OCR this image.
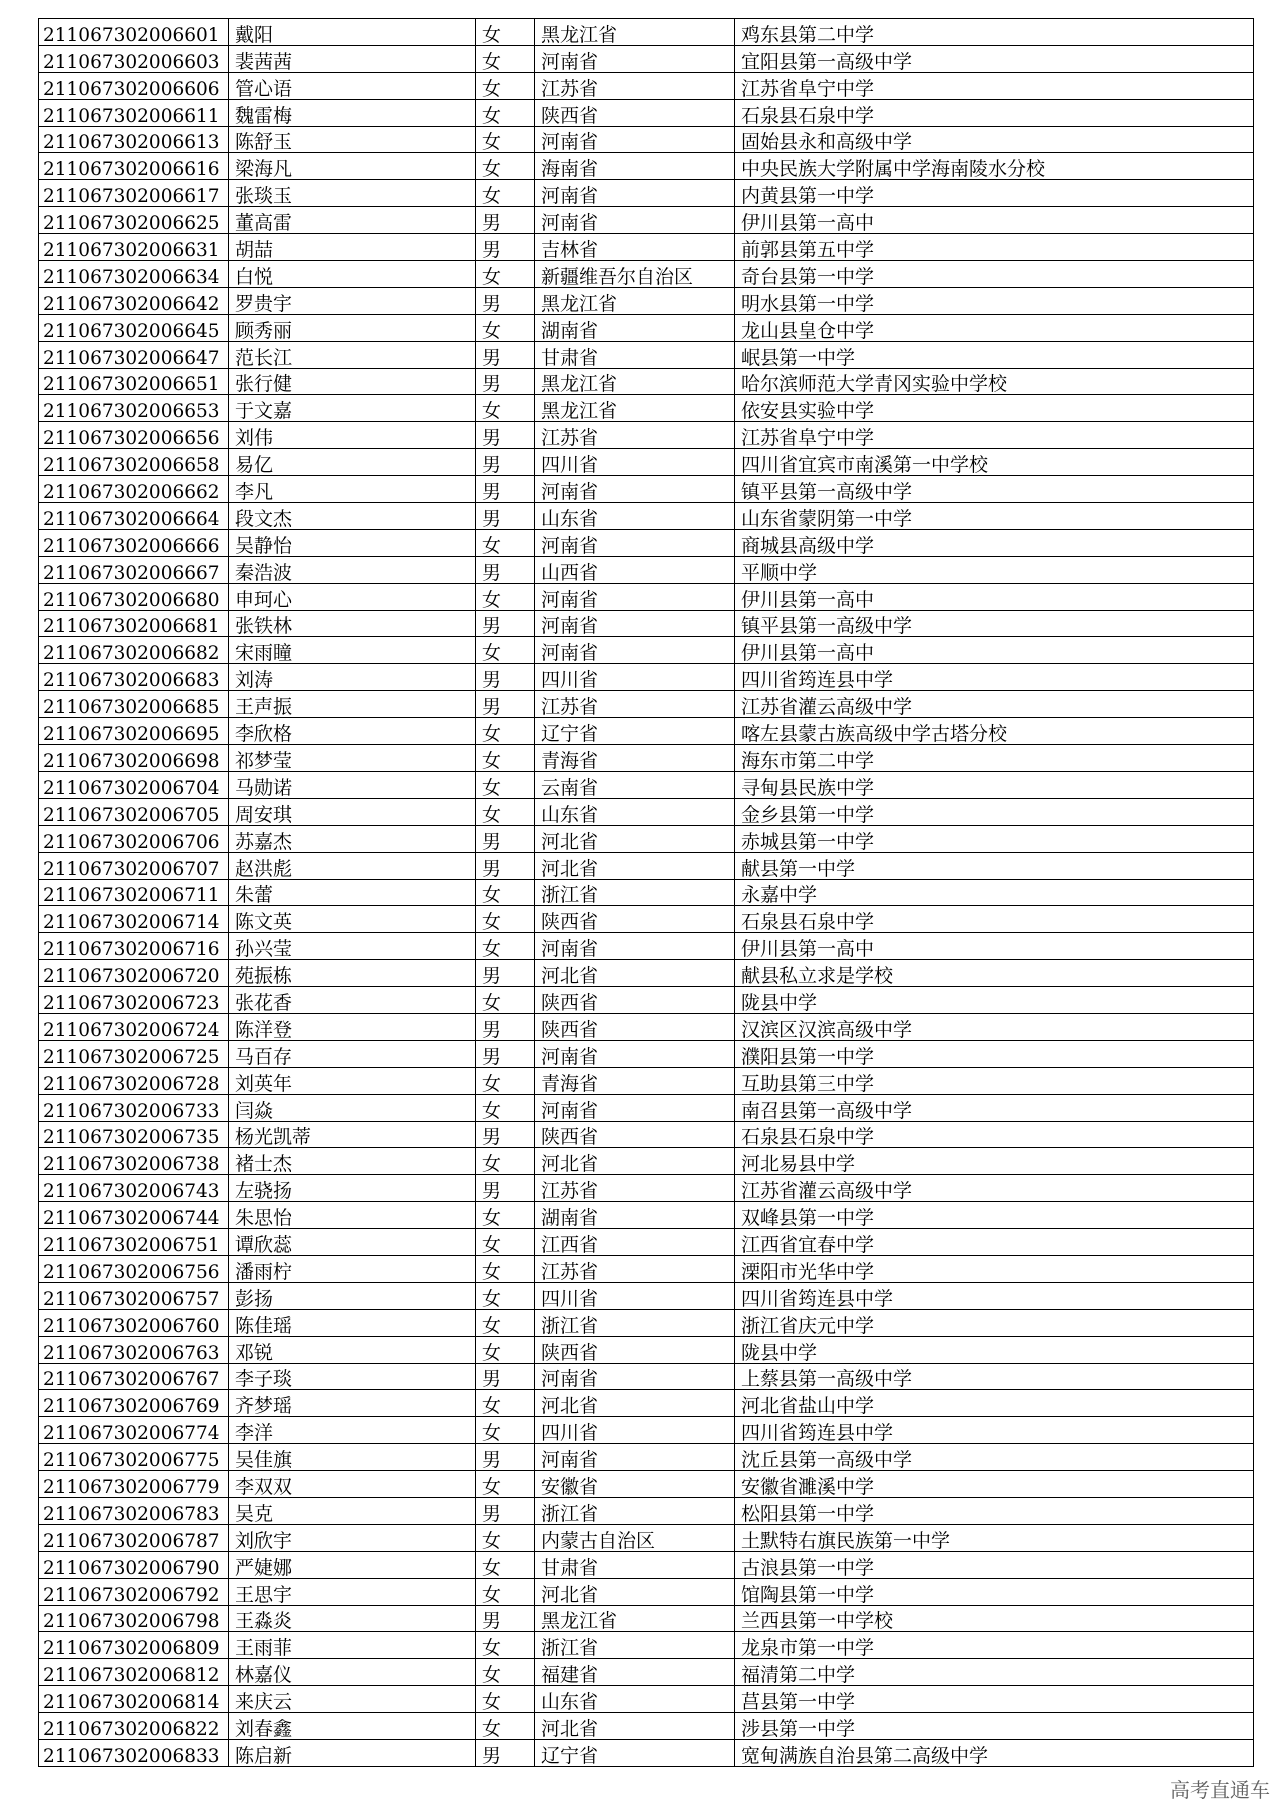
211067302006601	戴阳	女	黑龙江省	鸡东县第二中学
211067302006603	裴茜茜	女	河南省	宜阳县第一高级中学
211067302006606	管心语	女	江苏省	江苏省阜宁中学
211067302006611	魏雷梅	女	陕西省	石泉县石泉中学
211067302006613	陈舒玉	女	河南省	固始县永和高级中学
211067302006616	梁海凡	女	海南省	中央民族大学附属中学海南陵水分校
211067302006617	张琰玉	女	河南省	内黄县第一中学
211067302006625	董高雷	男	河南省	伊川县第一高中
211067302006631	胡喆	男	吉林省	前郭县第五中学
211067302006634	白悦	女	新疆维吾尔自治区	奇台县第一中学
211067302006642	罗贵宇	男	黑龙江省	明水县第一中学
211067302006645	顾秀丽	女	湖南省	龙山县皇仓中学
211067302006647	范长江	男	甘肃省	岷县第一中学
211067302006651	张行健	男	黑龙江省	哈尔滨师范大学青冈实验中学校
211067302006653	于文嘉	女	黑龙江省	依安县实验中学
211067302006656	刘伟	男	江苏省	江苏省阜宁中学
211067302006658	易亿	男	四川省	四川省宜宾市南溪第一中学校
211067302006662	李凡	男	河南省	镇平县第一高级中学
211067302006664	段文杰	男	山东省	山东省蒙阴第一中学
211067302006666	吴静怡	女	河南省	商城县高级中学
211067302006667	秦浩波	男	山西省	平顺中学
211067302006680	申珂心	女	河南省	伊川县第一高中
211067302006681	张铁林	男	河南省	镇平县第一高级中学
211067302006682	宋雨瞳	女	河南省	伊川县第一高中
211067302006683	刘涛	男	四川省	四川省筠连县中学
211067302006685	王声振	男	江苏省	江苏省灌云高级中学
211067302006695	李欣格	女	辽宁省	喀左县蒙古族高级中学古塔分校
211067302006698	祁梦莹	女	青海省	海东市第二中学
211067302006704	马勋诺	女	云南省	寻甸县民族中学
211067302006705	周安琪	女	山东省	金乡县第一中学
211067302006706	苏嘉杰	男	河北省	赤城县第一中学
211067302006707	赵洪彪	男	河北省	献县第一中学
211067302006711	朱蕾	女	浙江省	永嘉中学
211067302006714	陈文英	女	陕西省	石泉县石泉中学
211067302006716	孙兴莹	女	河南省	伊川县第一高中
211067302006720	苑振栋	男	河北省	献县私立求是学校
211067302006723	张花香	女	陕西省	陇县中学
211067302006724	陈洋登	男	陕西省	汉滨区汉滨高级中学
211067302006725	马百存	男	河南省	濮阳县第一中学
211067302006728	刘英年	女	青海省	互助县第三中学
211067302006733	闫焱	女	河南省	南召县第一高级中学
211067302006735	杨光凯蒂	男	陕西省	石泉县石泉中学
211067302006738	褚士杰	女	河北省	河北易县中学
211067302006743	左骁扬	男	江苏省	江苏省灌云高级中学
211067302006744	朱思怡	女	湖南省	双峰县第一中学
211067302006751	谭欣蕊	女	江西省	江西省宜春中学
211067302006756	潘雨柠	女	江苏省	溧阳市光华中学
211067302006757	彭扬	女	四川省	四川省筠连县中学
211067302006760	陈佳瑶	女	浙江省	浙江省庆元中学
211067302006763	邓锐	女	陕西省	陇县中学
211067302006767	李子琰	男	河南省	上蔡县第一高级中学
211067302006769	齐梦瑶	女	河北省	河北省盐山中学
211067302006774	李洋	女	四川省	四川省筠连县中学
211067302006775	吴佳旗	男	河南省	沈丘县第一高级中学
211067302006779	李双双	女	安徽省	安徽省濉溪中学
211067302006783	吴克	男	浙江省	松阳县第一中学
211067302006787	刘欣宇	女	内蒙古自治区	土默特右旗民族第一中学
211067302006790	严婕娜	女	甘肃省	古浪县第一中学
211067302006792	王思宇	女	河北省	馆陶县第一中学
211067302006798	王淼炎	男	黑龙江省	兰西县第一中学校
211067302006809	王雨菲	女	浙江省	龙泉市第一中学
211067302006812	林嘉仪	女	福建省	福清第二中学
211067302006814	来庆云	女	山东省	莒县第一中学
211067302006822	刘春鑫	女	河北省	涉县第一中学
211067302006833	陈启新	男	辽宁省	宽甸满族自治县第二高级中学
高考直通车
